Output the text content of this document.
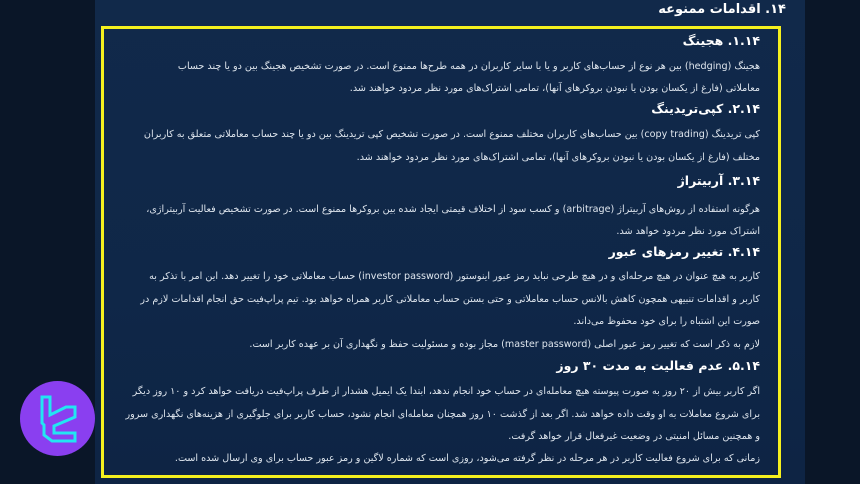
۱۴. اقدامات ممنوعه
۱.۱۴. هجینگ
هجینگ (hedging) بین هر نوع از حساب‌های کاربر و یا با سایر کاربران در همه طرح‌ها ممنوع است. در صورت تشخیص هجینگ بین دو یا چند حساب
معاملاتی (فارغ از یکسان بودن یا نبودن بروکرهای آنها)، تمامی اشتراک‌های مورد نظر مردود خواهند شد.
۲.۱۴. کپی‌تریدینگ
کپی تریدینگ (copy trading) بین حساب‌های کاربران مختلف ممنوع است. در صورت تشخیص کپی تریدینگ بین دو یا چند حساب معاملاتی متعلق به کاربران
مختلف (فارغ از یکسان بودن یا نبودن بروکرهای آنها)، تمامی اشتراک‌های مورد نظر مردود خواهند شد.
۳.۱۴. آربیتراژ
هرگونه استفاده از روش‌های آربیتراژ (arbitrage) و کسب سود از اختلاف قیمتی ایجاد شده بین بروکرها ممنوع است. در صورت تشخیص فعالیت آربیتراژی،
اشتراک مورد نظر مردود خواهد شد.
۴.۱۴. تغییر رمزهای عبور
کاربر به هیچ عنوان در هیچ مرحله‌ای و در هیچ طرحی نباید رمز عبور اینوستور (investor password) حساب معاملاتی خود را تغییر دهد. این امر با تذکر به
کاربر و اقدامات تنبیهی همچون کاهش بالانس حساب معاملاتی و حتی بستن حساب معاملاتی کاربر همراه خواهد بود. تیم پراپ‌فیت حق انجام اقدامات لازم در
صورت این اشتباه را برای خود محفوظ می‌داند.
لازم به ذکر است که تغییر رمز عبور اصلی (master password) مجاز بوده و مسئولیت حفظ و نگهداری آن بر عهده کاربر است.
۵.۱۴. عدم فعالیت به مدت ۳۰ روز
اگر کاربر بیش از ۲۰ روز به صورت پیوسته هیچ معامله‌ای در حساب خود انجام ندهد، ابتدا یک ایمیل هشدار از طرف پراپ‌فیت دریافت خواهد کرد و ۱۰ روز دیگر
برای شروع معاملات به او وقت داده خواهد شد. اگر بعد از گذشت ۱۰ روز همچنان معامله‌ای انجام نشود، حساب کاربر برای جلوگیری از هزینه‌های نگهداری سرور
و همچنین مسائل امنیتی در وضعیت غیرفعال قرار خواهد گرفت.
زمانی که برای شروع فعالیت کاربر در هر مرحله در نظر گرفته می‌شود، روزی است که شماره لاگین و رمز عبور حساب برای وی ارسال شده است.
